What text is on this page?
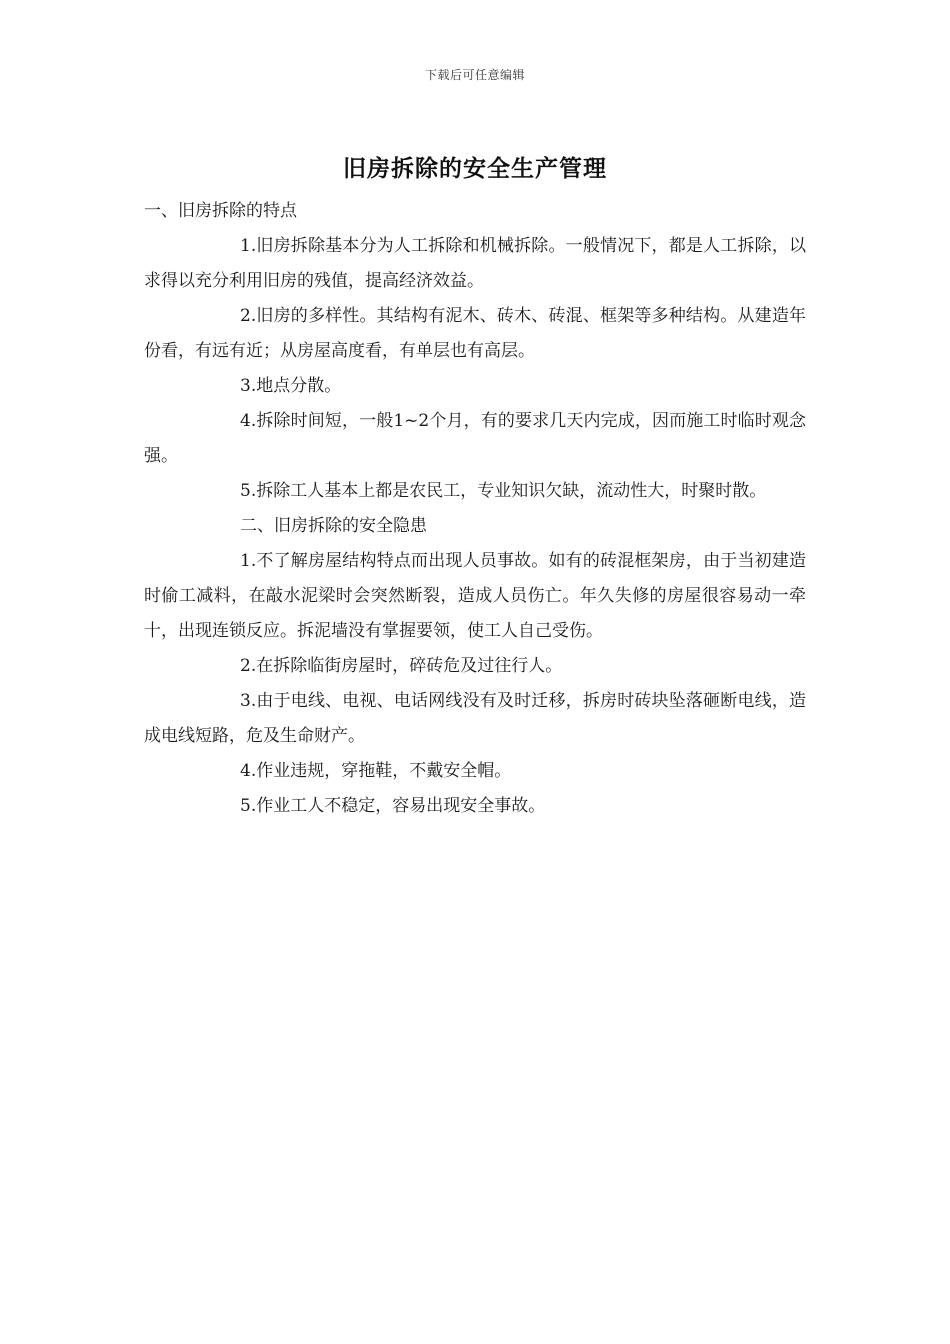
下载后可任意编辑
旧房拆除的安全生产管理

一、旧房拆除的特点

1.旧房拆除基本分为人工拆除和机械拆除。一般情况下，都是人工拆除，以求得以充分利用旧房的残值，提高经济效益。

2.旧房的多样性。其结构有泥木、砖木、砖混、框架等多种结构。从建造年份看，有远有近；从房屋高度看，有单层也有高层。

3.地点分散。

4.拆除时间短，一般1~2个月，有的要求几天内完成，因而施工时临时观念强。

5.拆除工人基本上都是农民工，专业知识欠缺，流动性大，时聚时散。

二、旧房拆除的安全隐患

1.不了解房屋结构特点而出现人员事故。如有的砖混框架房，由于当初建造时偷工减料，在敲水泥梁时会突然断裂，造成人员伤亡。年久失修的房屋很容易动一牵十，出现连锁反应。拆泥墙没有掌握要领，使工人自己受伤。

2.在拆除临街房屋时，碎砖危及过往行人。

3.由于电线、电视、电话网线没有及时迁移，拆房时砖块坠落砸断电线，造成电线短路，危及生命财产。

4.作业违规，穿拖鞋，不戴安全帽。

5.作业工人不稳定，容易出现安全事故。
